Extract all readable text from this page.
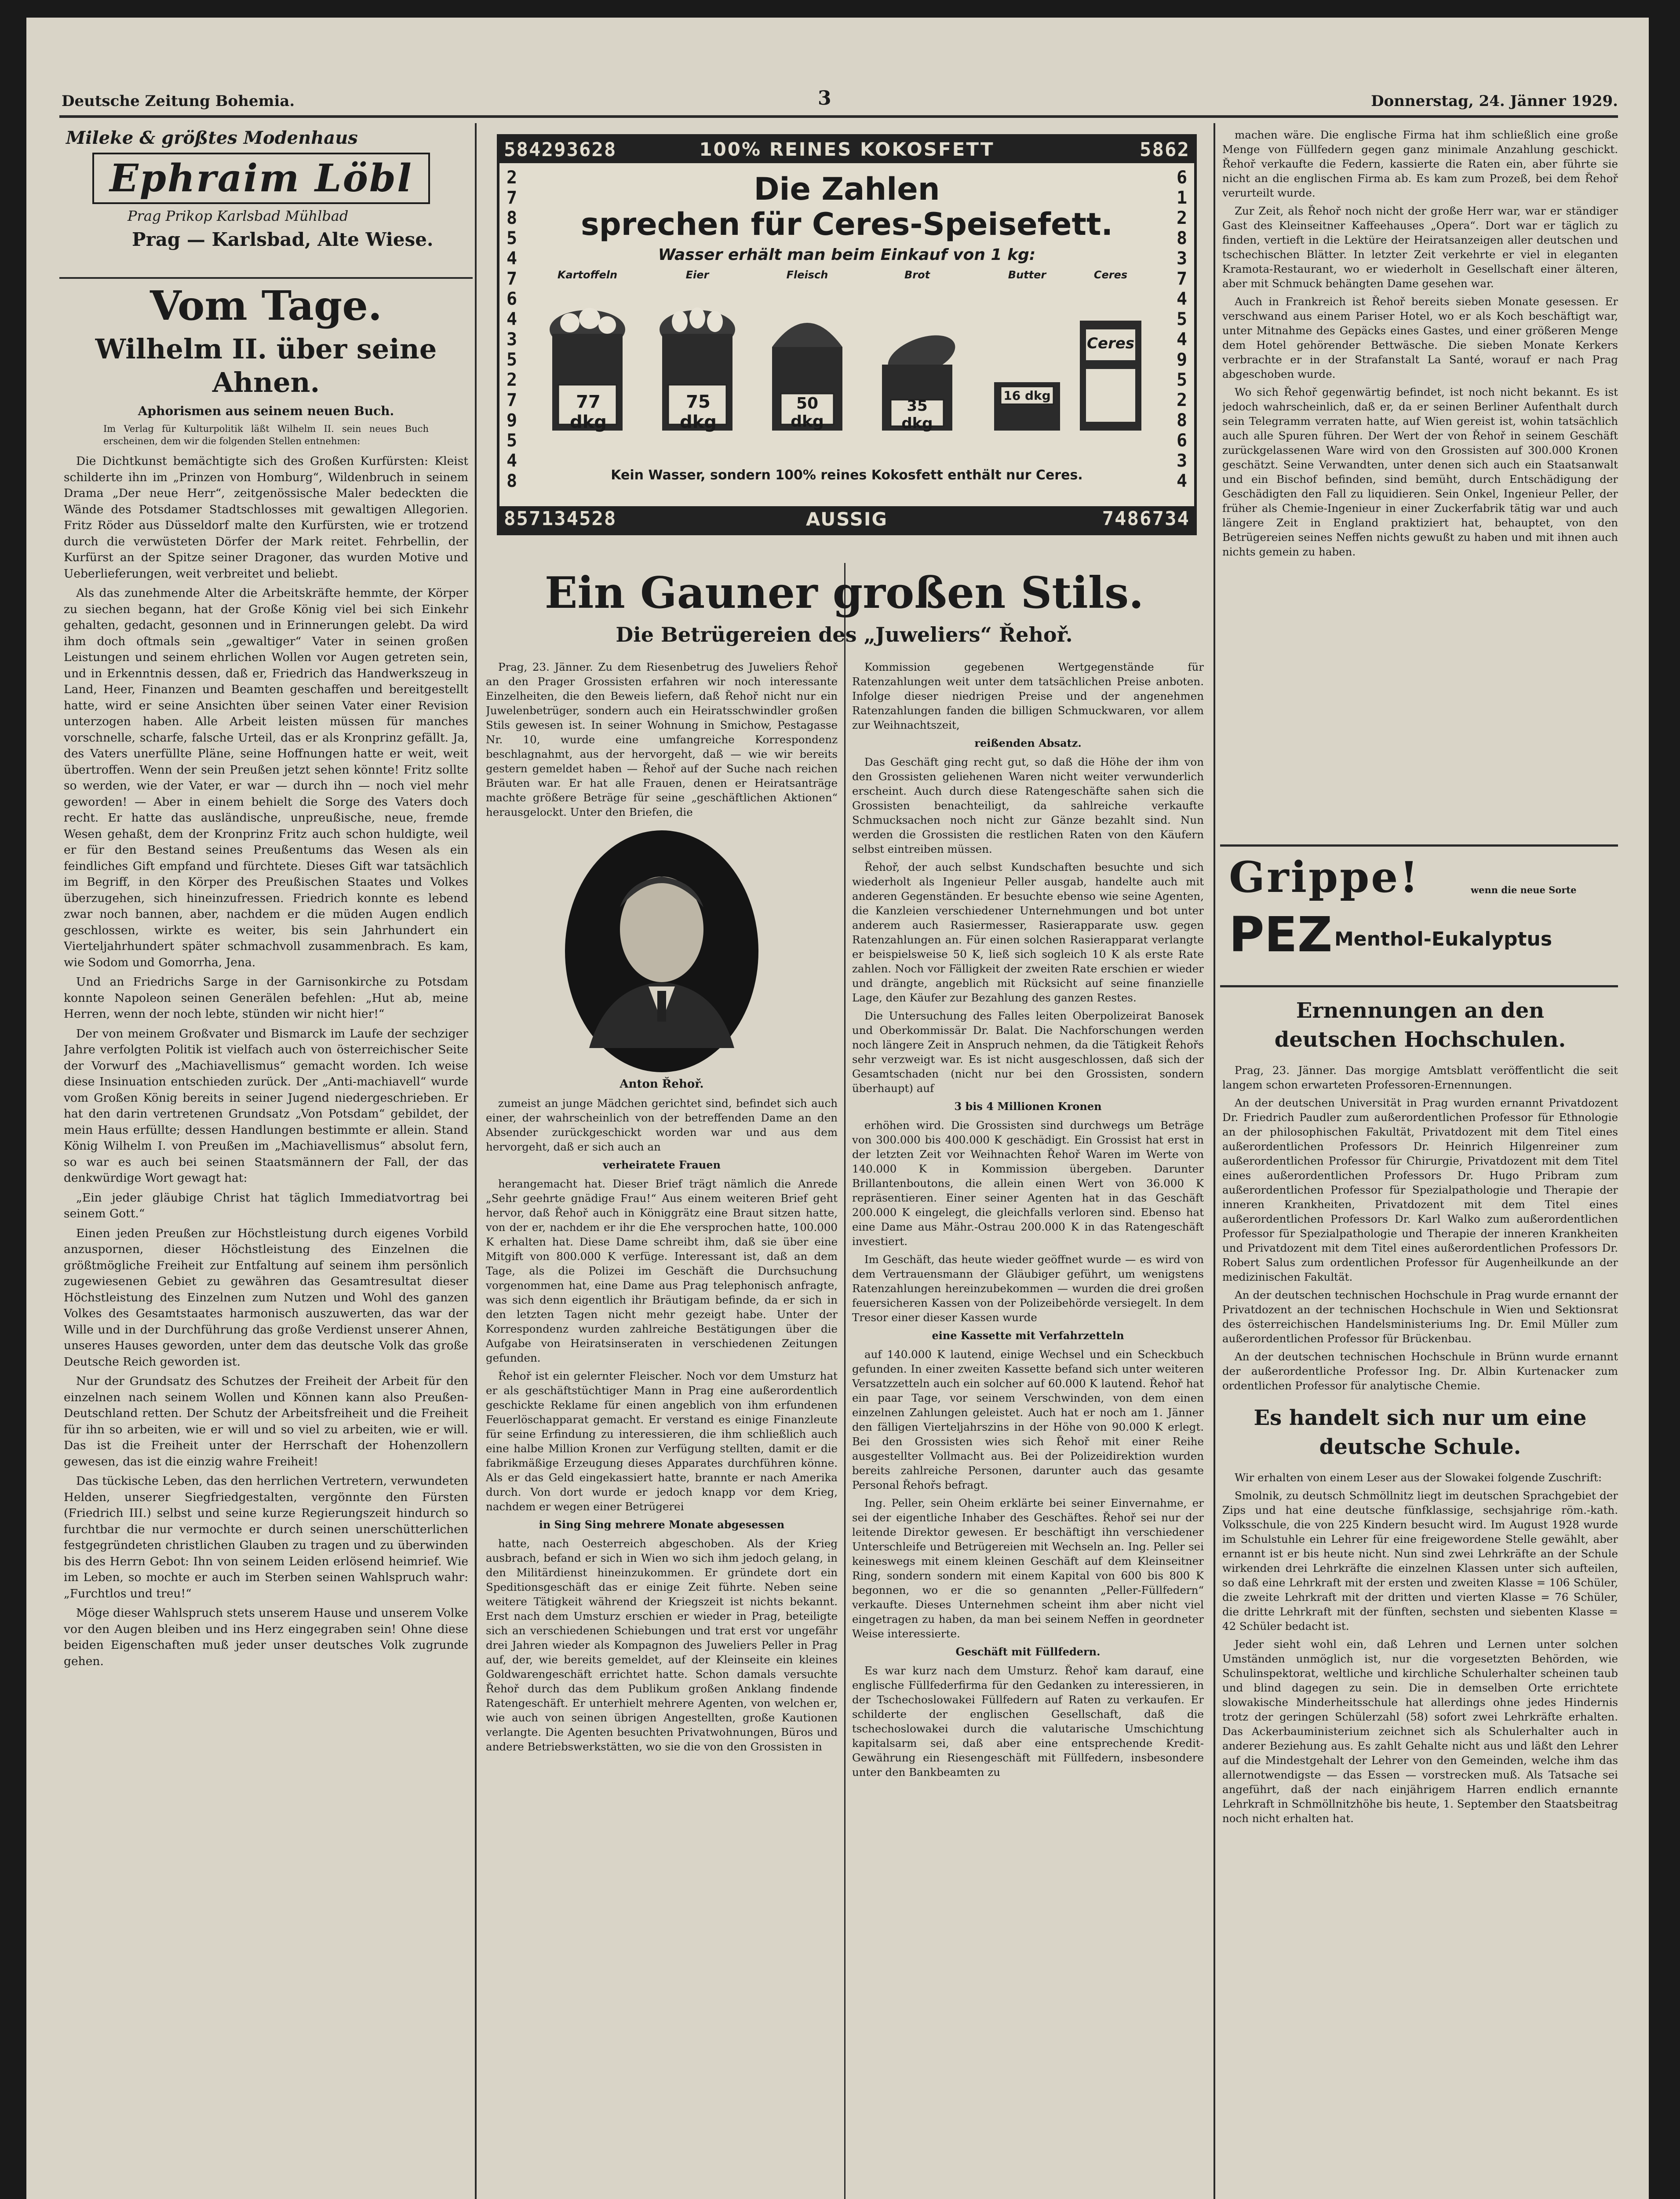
Deutsche Zeitung Bohemia.	3	Donnerstag, 24. Jänner 1929.
Mileke & größtes Modenhaus
Ephraim Löbl
Prag Prikop Karlsbad Mühlbad
Prag — Karlsbad, Alte Wiese.
Vom Tage.
Wilhelm II. über seine Ahnen.
Aphorismen aus seinem neuen Buch.
Im Verlag für Kulturpolitik läßt Wilhelm II. sein neues Buch erscheinen, dem wir die folgenden Stellen entnehmen:

Die Dichtkunst bemächtigte sich des Großen Kurfürsten: Kleist schilderte ihn im „Prinzen von Homburg“, Wildenbruch in seinem Drama „Der neue Herr“, zeitgenössische Maler bedeckten die Wände des Potsdamer Stadtschlosses mit gewaltigen Allegorien. Fritz Röder aus Düsseldorf malte den Kurfürsten, wie er trotzend durch die verwüsteten Dörfer der Mark reitet. Fehrbellin, der Kurfürst an der Spitze seiner Dragoner, das wurden Motive und Ueberlieferungen, weit verbreitet und beliebt.

Als das zunehmende Alter die Arbeitskräfte hemmte, der Körper zu siechen begann, hat der Große König viel bei sich Einkehr gehalten, gedacht, gesonnen und in Erinnerungen gelebt. Da wird ihm doch oftmals sein „gewaltiger“ Vater in seinen großen Leistungen und seinem ehrlichen Wollen vor Augen getreten sein, und in Erkenntnis dessen, daß er, Friedrich das Handwerkszeug in Land, Heer, Finanzen und Beamten geschaffen und bereitgestellt hatte, wird er seine Ansichten über seinen Vater einer Revision unterzogen haben. Alle Arbeit leisten müssen für manches vorschnelle, scharfe, falsche Urteil, das er als Kronprinz gefällt. Ja, des Vaters unerfüllte Pläne, seine Hoffnungen hatte er weit, weit übertroffen. Wenn der sein Preußen jetzt sehen könnte! Fritz sollte so werden, wie der Vater, er war — durch ihn — noch viel mehr geworden! — Aber in einem behielt die Sorge des Vaters doch recht. Er hatte das ausländische, unpreußische, neue, fremde Wesen gehaßt, dem der Kronprinz Fritz auch schon huldigte, weil er für den Bestand seines Preußentums das Wesen als ein feindliches Gift empfand und fürchtete. Dieses Gift war tatsächlich im Begriff, in den Körper des Preußischen Staates und Volkes überzugehen, sich hineinzufressen. Friedrich konnte es lebend zwar noch bannen, aber, nachdem er die müden Augen endlich geschlossen, wirkte es weiter, bis sein Jahrhundert ein Vierteljahrhundert später schmachvoll zusammenbrach. Es kam, wie Sodom und Gomorrha, Jena.

Und an Friedrichs Sarge in der Garnisonkirche zu Potsdam konnte Napoleon seinen Generälen befehlen: „Hut ab, meine Herren, wenn der noch lebte, stünden wir nicht hier!“

Der von meinem Großvater und Bismarck im Laufe der sechziger Jahre verfolgten Politik ist vielfach auch von österreichischer Seite der Vorwurf des „Machiavellismus“ gemacht worden. Ich weise diese Insinuation entschieden zurück. Der „Anti-machiavell“ wurde vom Großen König bereits in seiner Jugend niedergeschrieben. Er hat den darin vertretenen Grundsatz „Von Potsdam“ gebildet, der mein Haus erfüllte; dessen Handlungen bestimmte er allein. Stand König Wilhelm I. von Preußen im „Machiavellismus“ absolut fern, so war es auch bei seinen Staatsmännern der Fall, der das denkwürdige Wort gewagt hat:

„Ein jeder gläubige Christ hat täglich Immediatvortrag bei seinem Gott.“

Einen jeden Preußen zur Höchstleistung durch eigenes Vorbild anzuspornen, dieser Höchstleistung des Einzelnen die größtmögliche Freiheit zur Entfaltung auf seinem ihm persönlich zugewiesenen Gebiet zu gewähren das Gesamtresultat dieser Höchstleistung des Einzelnen zum Nutzen und Wohl des ganzen Volkes des Gesamtstaates harmonisch auszuwerten, das war der Wille und in der Durchführung das große Verdienst unserer Ahnen, unseres Hauses geworden, unter dem das deutsche Volk das große Deutsche Reich geworden ist.

Nur der Grundsatz des Schutzes der Freiheit der Arbeit für den einzelnen nach seinem Wollen und Können kann also Preußen-Deutschland retten. Der Schutz der Arbeitsfreiheit und die Freiheit für ihn so arbeiten, wie er will und so viel zu arbeiten, wie er will. Das ist die Freiheit unter der Herrschaft der Hohenzollern gewesen, das ist die einzig wahre Freiheit!

Das tückische Leben, das den herrlichen Vertretern, verwundeten Helden, unserer Siegfriedgestalten, vergönnte den Fürsten (Friedrich III.) selbst und seine kurze Regierungszeit hindurch so furchtbar die nur vermochte er durch seinen unerschütterlichen festgegründeten christlichen Glauben zu tragen und zu überwinden bis des Herrn Gebot: Ihn von seinem Leiden erlösend heimrief. Wie im Leben, so mochte er auch im Sterben seinen Wahlspruch wahr: „Furchtlos und treu!“

Möge dieser Wahlspruch stets unserem Hause und unserem Volke vor den Augen bleiben und ins Herz eingegraben sein! Ohne diese beiden Eigenschaften muß jeder unser deutsches Volk zugrunde gehen.

584293628	100% REINES KOKOSFETT	5862
2785476435279548
6128374549528634
Die Zahlen
sprechen für Ceres-Speisefett.
Wasser erhält man beim Einkauf von 1 kg:
Kartoffeln
77 dkg
Eier
75 dkg
Fleisch
50 dkg
Brot
35 dkg
Butter
16 dkg
Ceres
Ceres
Kein Wasser, sondern 100% reines Kokosfett enthält nur Ceres.
857134528
GEORG SCHICHT A.G. AUSSIG	7486734
Ein Gauner großen Stils.
Die Betrügereien des „Juweliers“ Řehoř.

Prag, 23. Jänner. Zu dem Riesenbetrug des Juweliers Řehoř an den Prager Grossisten erfahren wir noch interessante Einzelheiten, die den Beweis liefern, daß Řehoř nicht nur ein Juwelenbetrüger, sondern auch ein Heiratsschwindler großen Stils gewesen ist. In seiner Wohnung in Smichow, Pestagasse Nr. 10, wurde eine umfangreiche Korrespondenz beschlagnahmt, aus der hervorgeht, daß — wie wir bereits gestern gemeldet haben — Řehoř auf der Suche nach reichen Bräuten war. Er hat alle Frauen, denen er Heiratsanträge machte größere Beträge für seine „geschäftlichen Aktionen“ herausgelockt. Unter den Briefen, die

Anton Řehoř.

zumeist an junge Mädchen gerichtet sind, befindet sich auch einer, der wahrscheinlich von der betreffenden Dame an den Absender zurückgeschickt worden war und aus dem hervorgeht, daß er sich auch an

verheiratete Frauen

herangemacht hat. Dieser Brief trägt nämlich die Anrede „Sehr geehrte gnädige Frau!“ Aus einem weiteren Brief geht hervor, daß Řehoř auch in Königgrätz eine Braut sitzen hatte, von der er, nachdem er ihr die Ehe versprochen hatte, 100.000 K erhalten hat. Diese Dame schreibt ihm, daß sie über eine Mitgift von 800.000 K verfüge. Interessant ist, daß an dem Tage, als die Polizei im Geschäft die Durchsuchung vorgenommen hat, eine Dame aus Prag telephonisch anfragte, was sich denn eigentlich ihr Bräutigam befinde, da er sich in den letzten Tagen nicht mehr gezeigt habe. Unter der Korrespondenz wurden zahlreiche Bestätigungen über die Aufgabe von Heiratsinseraten in verschiedenen Zeitungen gefunden.

Řehoř ist ein gelernter Fleischer. Noch vor dem Umsturz hat er als geschäftstüchtiger Mann in Prag eine außerordentlich geschickte Reklame für einen angeblich von ihm erfundenen Feuerlöschapparat gemacht. Er verstand es einige Finanzleute für seine Erfindung zu interessieren, die ihm schließlich auch eine halbe Million Kronen zur Verfügung stellten, damit er die fabrikmäßige Erzeugung dieses Apparates durchführen könne. Als er das Geld eingekassiert hatte, brannte er nach Amerika durch. Von dort wurde er jedoch knapp vor dem Krieg, nachdem er wegen einer Betrügerei

in Sing Sing mehrere Monate abgesessen

hatte, nach Oesterreich abgeschoben. Als der Krieg ausbrach, befand er sich in Wien wo sich ihm jedoch gelang, in den Militärdienst hineinzukommen. Er gründete dort ein Speditionsgeschäft das er einige Zeit führte. Neben seine weitere Tätigkeit während der Kriegszeit ist nichts bekannt. Erst nach dem Umsturz erschien er wieder in Prag, beteiligte sich an verschiedenen Schiebungen und trat erst vor ungefähr drei Jahren wieder als Kompagnon des Juweliers Peller in Prag auf, der, wie bereits gemeldet, auf der Kleinseite ein kleines Goldwarengeschäft errichtet hatte. Schon damals versuchte Řehoř durch das dem Publikum großen Anklang findende Ratengeschäft. Er unterhielt mehrere Agenten, von welchen er, wie auch von seinen übrigen Angestellten, große Kautionen verlangte. Die Agenten besuchten Privatwohnungen, Büros und andere Betriebswerkstätten, wo sie die von den Grossisten in

Kommission gegebenen Wertgegenstände für Ratenzahlungen weit unter dem tatsächlichen Preise anboten. Infolge dieser niedrigen Preise und der angenehmen Ratenzahlungen fanden die billigen Schmuckwaren, vor allem zur Weihnachtszeit,

reißenden Absatz.

Das Geschäft ging recht gut, so daß die Höhe der ihm von den Grossisten geliehenen Waren nicht weiter verwunderlich erscheint. Auch durch diese Ratengeschäfte sahen sich die Grossisten benachteiligt, da sahlreiche verkaufte Schmucksachen noch nicht zur Gänze bezahlt sind. Nun werden die Grossisten die restlichen Raten von den Käufern selbst eintreiben müssen.

Řehoř, der auch selbst Kundschaften besuchte und sich wiederholt als Ingenieur Peller ausgab, handelte auch mit anderen Gegenständen. Er besuchte ebenso wie seine Agenten, die Kanzleien verschiedener Unternehmungen und bot unter anderem auch Rasiermesser, Rasierapparate usw. gegen Ratenzahlungen an. Für einen solchen Rasierapparat verlangte er beispielsweise 50 K, ließ sich sogleich 10 K als erste Rate zahlen. Noch vor Fälligkeit der zweiten Rate erschien er wieder und drängte, angeblich mit Rücksicht auf seine finanzielle Lage, den Käufer zur Bezahlung des ganzen Restes.

Die Untersuchung des Falles leiten Oberpolizeirat Banosek und Oberkommissär Dr. Balat. Die Nachforschungen werden noch längere Zeit in Anspruch nehmen, da die Tätigkeit Řehořs sehr verzweigt war. Es ist nicht ausgeschlossen, daß sich der Gesamtschaden (nicht nur bei den Grossisten, sondern überhaupt) auf

3 bis 4 Millionen Kronen

erhöhen wird. Die Grossisten sind durchwegs um Beträge von 300.000 bis 400.000 K geschädigt. Ein Grossist hat erst in der letzten Zeit vor Weihnachten Řehoř Waren im Werte von 140.000 K in Kommission übergeben. Darunter Brillantenboutons, die allein einen Wert von 36.000 K repräsentieren. Einer seiner Agenten hat in das Geschäft 200.000 K eingelegt, die gleichfalls verloren sind. Ebenso hat eine Dame aus Mähr.-Ostrau 200.000 K in das Ratengeschäft investiert.

Im Geschäft, das heute wieder geöffnet wurde — es wird von dem Vertrauensmann der Gläubiger geführt, um wenigstens Ratenzahlungen hereinzubekommen — wurden die drei großen feuersicheren Kassen von der Polizeibehörde versiegelt. In dem Tresor einer dieser Kassen wurde

eine Kassette mit Verfahrzetteln

auf 140.000 K lautend, einige Wechsel und ein Scheckbuch gefunden. In einer zweiten Kassette befand sich unter weiteren Versatzzetteln auch ein solcher auf 60.000 K lautend. Řehoř hat ein paar Tage, vor seinem Verschwinden, von dem einen einzelnen Zahlungen geleistet. Auch hat er noch am 1. Jänner den fälligen Vierteljahrszins in der Höhe von 90.000 K erlegt. Bei den Grossisten wies sich Řehoř mit einer Reihe ausgestellter Vollmacht aus. Bei der Polizeidirektion wurden bereits zahlreiche Personen, darunter auch das gesamte Personal Řehořs befragt.

Ing. Peller, sein Oheim erklärte bei seiner Einvernahme, er sei der eigentliche Inhaber des Geschäftes. Řehoř sei nur der leitende Direktor gewesen. Er beschäftigt ihn verschiedener Unterschleife und Betrügereien mit Wechseln an. Ing. Peller sei keineswegs mit einem kleinen Geschäft auf dem Kleinseitner Ring, sondern sondern mit einem Kapital von 600 bis 800 K begonnen, wo er die so genannten „Peller-Füllfedern“ verkaufte. Dieses Unternehmen scheint ihm aber nicht viel eingetragen zu haben, da man bei seinem Neffen in geordneter Weise interessierte.

Geschäft mit Füllfedern.

Es war kurz nach dem Umsturz. Řehoř kam darauf, eine englische Füllfederfirma für den Gedanken zu interessieren, in der Tschechoslowakei Füllfedern auf Raten zu verkaufen. Er schilderte der englischen Gesellschaft, daß die tschechoslowakei durch die valutarische Umschichtung kapitalsarm sei, daß aber eine entsprechende Kredit-Gewährung ein Riesengeschäft mit Füllfedern, insbesondere unter den Bankbeamten zu

machen wäre. Die englische Firma hat ihm schließlich eine große Menge von Füllfedern gegen ganz minimale Anzahlung geschickt. Řehoř verkaufte die Federn, kassierte die Raten ein, aber führte sie nicht an die englischen Firma ab. Es kam zum Prozeß, bei dem Řehoř verurteilt wurde.

Zur Zeit, als Řehoř noch nicht der große Herr war, war er ständiger Gast des Kleinseitner Kaffeehauses „Opera“. Dort war er täglich zu finden, vertieft in die Lektüre der Heiratsanzeigen aller deutschen und tschechischen Blätter. In letzter Zeit verkehrte er viel in eleganten Kramota-Restaurant, wo er wiederholt in Gesellschaft einer älteren, aber mit Schmuck behängten Dame gesehen war.

Auch in Frankreich ist Řehoř bereits sieben Monate gesessen. Er verschwand aus einem Pariser Hotel, wo er als Koch beschäftigt war, unter Mitnahme des Gepäcks eines Gastes, und einer größeren Menge dem Hotel gehörender Bettwäsche. Die sieben Monate Kerkers verbrachte er in der Strafanstalt La Santé, worauf er nach Prag abgeschoben wurde.

Wo sich Řehoř gegenwärtig befindet, ist noch nicht bekannt. Es ist jedoch wahrscheinlich, daß er, da er seinen Berliner Aufenthalt durch sein Telegramm verraten hatte, auf Wien gereist ist, wohin tatsächlich auch alle Spuren führen. Der Wert der von Řehoř in seinem Geschäft zurückgelassenen Ware wird von den Grossisten auf 300.000 Kronen geschätzt. Seine Verwandten, unter denen sich auch ein Staatsanwalt und ein Bischof befinden, sind bemüht, durch Entschädigung der Geschädigten den Fall zu liquidieren. Sein Onkel, Ingenieur Peller, der früher als Chemie-Ingenieur in einer Zuckerfabrik tätig war und auch längere Zeit in England praktiziert hat, behauptet, von den Betrügereien seines Neffen nichts gewußt zu haben und mit ihnen auch nichts gemein zu haben.

Grippe!	wenn die neue Sorte
PEZ Menthol-Eukalyptus
Ernennungen an den deutschen Hochschulen.

Prag, 23. Jänner. Das morgige Amtsblatt veröffentlicht die seit langem schon erwarteten Professoren-Ernennungen.

An der deutschen Universität in Prag wurden ernannt Privatdozent Dr. Friedrich Paudler zum außerordentlichen Professor für Ethnologie an der philosophischen Fakultät, Privatdozent mit dem Titel eines außerordentlichen Professors Dr. Heinrich Hilgenreiner zum außerordentlichen Professor für Chirurgie, Privatdozent mit dem Titel eines außerordentlichen Professors Dr. Hugo Pribram zum außerordentlichen Professor für Spezialpathologie und Therapie der inneren Krankheiten, Privatdozent mit dem Titel eines außerordentlichen Professors Dr. Karl Walko zum außerordentlichen Professor für Spezialpathologie und Therapie der inneren Krankheiten und Privatdozent mit dem Titel eines außerordentlichen Professors Dr. Robert Salus zum ordentlichen Professor für Augenheilkunde an der medizinischen Fakultät.

An der deutschen technischen Hochschule in Prag wurde ernannt der Privatdozent an der technischen Hochschule in Wien und Sektionsrat des österreichischen Handelsministeriums Ing. Dr. Emil Müller zum außerordentlichen Professor für Brückenbau.

An der deutschen technischen Hochschule in Brünn wurde ernannt der außerordentliche Professor Ing. Dr. Albin Kurtenacker zum ordentlichen Professor für analytische Chemie.

Es handelt sich nur um eine deutsche Schule.

Wir erhalten von einem Leser aus der Slowakei folgende Zuschrift:

Smolnik, zu deutsch Schmöllnitz liegt im deutschen Sprachgebiet der Zips und hat eine deutsche fünfklassige, sechsjahrige röm.-kath. Volksschule, die von 225 Kindern besucht wird. Im August 1928 wurde im Schulstuhle ein Lehrer für eine freigewordene Stelle gewählt, aber ernannt ist er bis heute nicht. Nun sind zwei Lehrkräfte an der Schule wirkenden drei Lehrkräfte die einzelnen Klassen unter sich aufteilen, so daß eine Lehrkraft mit der ersten und zweiten Klasse = 106 Schüler, die zweite Lehrkraft mit der dritten und vierten Klasse = 76 Schüler, die dritte Lehrkraft mit der fünften, sechsten und siebenten Klasse = 42 Schüler bedacht ist.

Jeder sieht wohl ein, daß Lehren und Lernen unter solchen Umständen unmöglich ist, nur die vorgesetzten Behörden, wie Schulinspektorat, weltliche und kirchliche Schulerhalter scheinen taub und blind dagegen zu sein. Die in demselben Orte errichtete slowakische Minderheitsschule hat allerdings ohne jedes Hindernis trotz der geringen Schülerzahl (58) sofort zwei Lehrkräfte erhalten. Das Ackerbauministerium zeichnet sich als Schulerhalter auch in anderer Beziehung aus. Es zahlt Gehalte nicht aus und läßt den Lehrer auf die Mindestgehalt der Lehrer von den Gemeinden, welche ihm das allernotwendigste — das Essen — vorstrecken muß. Als Tatsache sei angeführt, daß der nach einjährigem Harren endlich ernannte Lehrkraft in Schmöllnitzhöhe bis heute, 1. September den Staatsbeitrag noch nicht erhalten hat.
